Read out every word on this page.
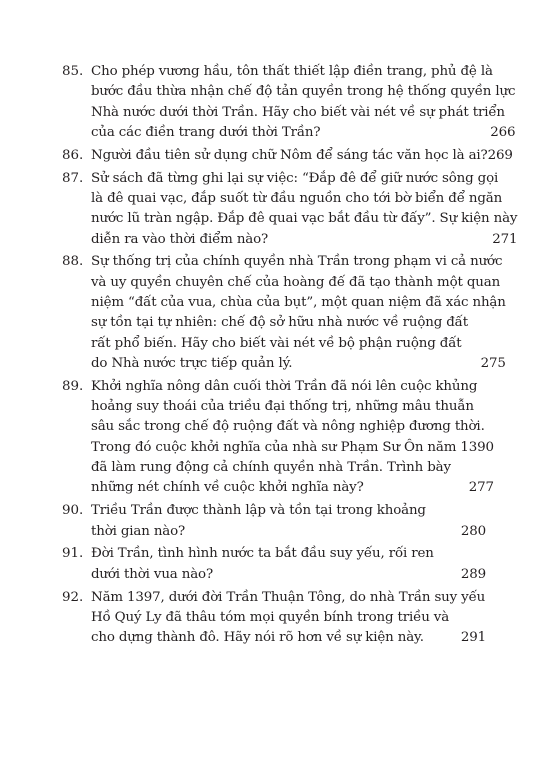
85. Cho phép vương hầu, tôn thất thiết lập điền trang, phủ đệ là
bước đầu thừa nhận chế độ tản quyền trong hệ thống quyền lực
Nhà nước dưới thời Trần. Hãy cho biết vài nét về sự phát triển
của các điền trang dưới thời Trần?	266
86. Người đầu tiên sử dụng chữ Nôm để sáng tác văn học là ai? 269
87. Sử sách đã từng ghi lại sự việc: “Đắp đê để giữ nước sông gọi
là đê quai vạc, đắp suốt từ đầu nguồn cho tới bờ biển để ngăn
nước lũ tràn ngập. Đắp đê quai vạc bắt đầu từ đấy”. Sự kiện này
diễn ra vào thời điểm nào?	271
88. Sự thống trị của chính quyền nhà Trần trong phạm vi cả nước
và uy quyền chuyên chế của hoàng đế đã tạo thành một quan
niệm “đất của vua, chùa của bụt”, một quan niệm đã xác nhận
sự tồn tại tự nhiên: chế độ sở hữu nhà nước về ruộng đất
rất phổ biến. Hãy cho biết vài nét về bộ phận ruộng đất
do Nhà nước trực tiếp quản lý.	275
89. Khởi nghĩa nông dân cuối thời Trần đã nói lên cuộc khủng
hoảng suy thoái của triều đại thống trị, những mâu thuẫn
sâu sắc trong chế độ ruộng đất và nông nghiệp đương thời.
Trong đó cuộc khởi nghĩa của nhà sư Phạm Sư Ôn năm 1390
đã làm rung động cả chính quyền nhà Trần. Trình bày
những nét chính về cuộc khởi nghĩa này?	277
90. Triều Trần được thành lập và tồn tại trong khoảng
thời gian nào?	280
91. Đời Trần, tình hình nước ta bắt đầu suy yếu, rối ren
dưới thời vua nào?	289
92. Năm 1397, dưới đời Trần Thuận Tông, do nhà Trần suy yếu
Hồ Quý Ly đã thâu tóm mọi quyền bính trong triều và
cho dựng thành đô. Hãy nói rõ hơn về sự kiện này.	291
